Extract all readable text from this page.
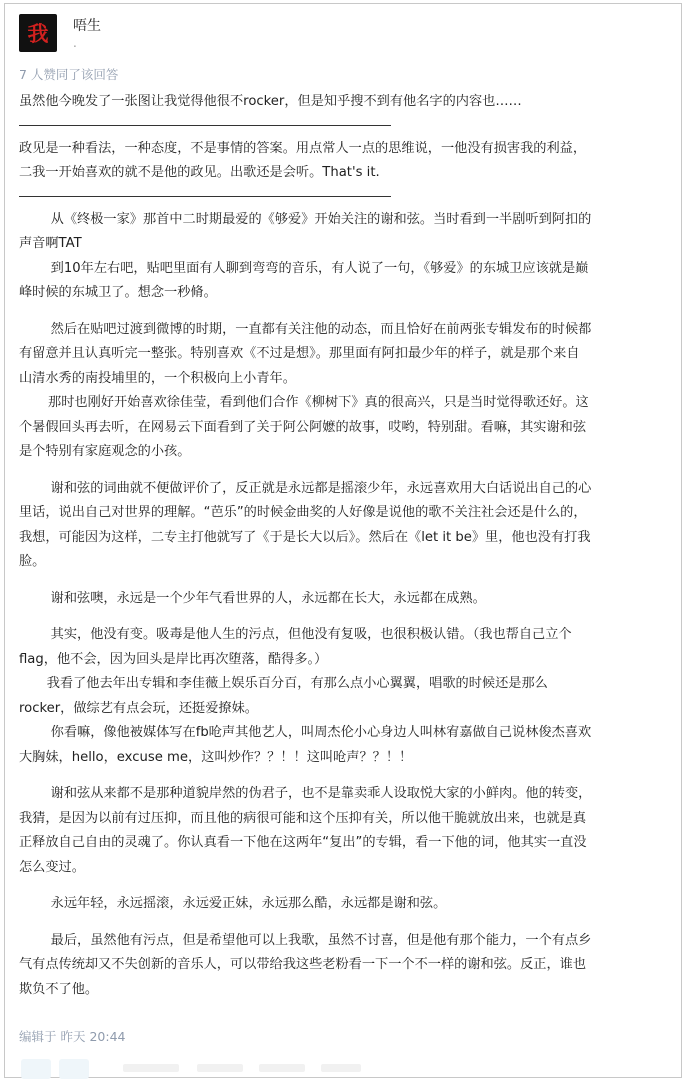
我 唔生
.
7 人赞同了该回答
虽然他今晚发了一张图让我觉得他很不rocker，但是知乎搜不到有他名字的内容也……
政见是一种看法，一种态度，不是事情的答案。用点常人一点的思维说，一他没有损害我的利益，
二我一开始喜欢的就不是他的政见。出歌还是会听。That's it.
从《终极一家》那首中二时期最爱的《够爱》开始关注的谢和弦。当时看到一半剧听到阿扣的
声音啊TAT
到10年左右吧，贴吧里面有人聊到弯弯的音乐，有人说了一句，《够爱》的东城卫应该就是巅
峰时候的东城卫了。想念一秒脩。
然后在贴吧过渡到微博的时期，一直都有关注他的动态，而且恰好在前两张专辑发布的时候都
有留意并且认真听完一整张。特别喜欢《不过是想》。那里面有阿扣最少年的样子，就是那个来自
山清水秀的南投埔里的，一个积极向上小青年。
那时也刚好开始喜欢徐佳莹，看到他们合作《柳树下》真的很高兴，只是当时觉得歌还好。这
个暑假回头再去听，在网易云下面看到了关于阿公阿嬷的故事，哎哟，特别甜。看嘛，其实谢和弦
是个特别有家庭观念的小孩。
谢和弦的词曲就不便做评价了，反正就是永远都是摇滚少年，永远喜欢用大白话说出自己的心
里话，说出自己对世界的理解。“芭乐”的时候金曲奖的人好像是说他的歌不关注社会还是什么的，
我想，可能因为这样，二专主打他就写了《于是长大以后》。然后在《let it be》里，他也没有打我
脸。
谢和弦噢，永远是一个少年气看世界的人，永远都在长大，永远都在成熟。
其实，他没有变。吸毒是他人生的污点，但他没有复吸，也很积极认错。（我也帮自己立个
flag，他不会，因为回头是岸比再次堕落，酷得多。）
我看了他去年出专辑和李佳薇上娱乐百分百，有那么点小心翼翼，唱歌的时候还是那么
rocker，做综艺有点会玩，还挺爱撩妹。
你看嘛，像他被媒体写在fb呛声其他艺人，叫周杰伦小心身边人叫林宥嘉做自己说林俊杰喜欢
大胸妹，hello，excuse me，这叫炒作？？！！这叫呛声？？！！
谢和弦从来都不是那种道貌岸然的伪君子，也不是靠卖乖人设取悦大家的小鲜肉。他的转变，
我猜，是因为以前有过压抑，而且他的病很可能和这个压抑有关，所以他干脆就放出来，也就是真
正释放自己自由的灵魂了。你认真看一下他在这两年“复出”的专辑，看一下他的词，他其实一直没
怎么变过。
永远年轻，永远摇滚，永远爱正妹，永远那么酷，永远都是谢和弦。
最后，虽然他有污点，但是希望他可以上我歌，虽然不讨喜，但是他有那个能力，一个有点乡
气有点传统却又不失创新的音乐人，可以带给我这些老粉看一下一个不一样的谢和弦。反正，谁也
欺负不了他。
编辑于 昨天 20:44
